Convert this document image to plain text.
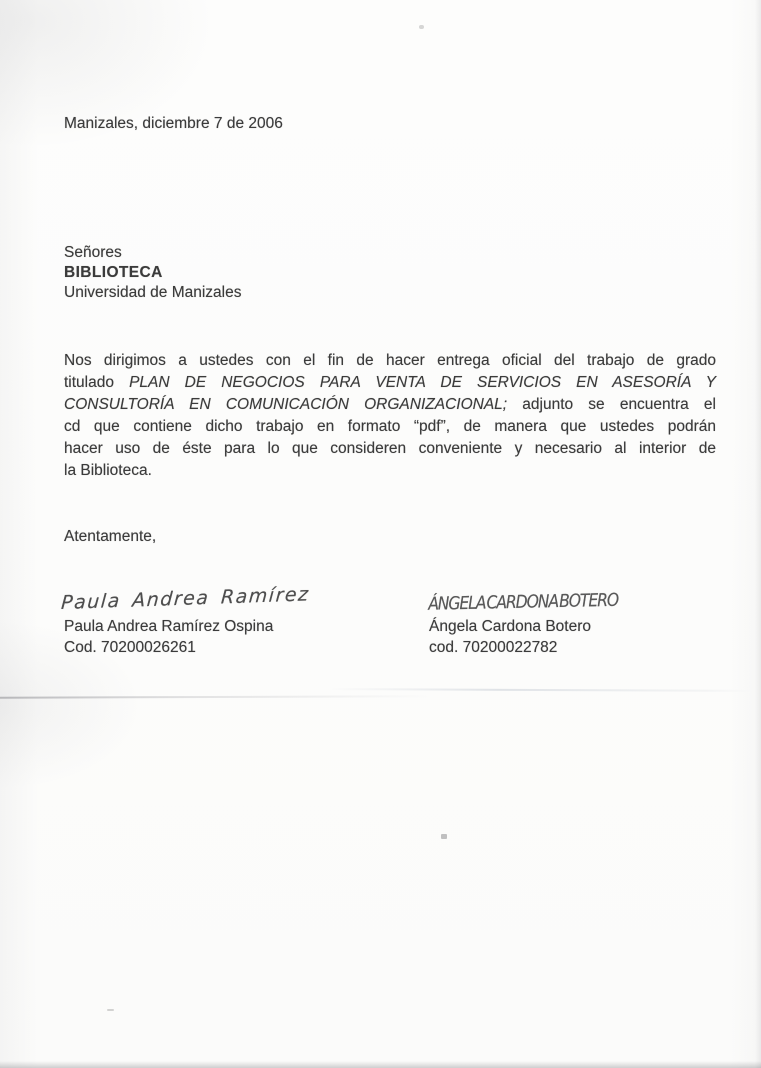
Manizales, diciembre 7 de 2006
Señores
BIBLIOTECA
Universidad de Manizales
Nos dirigimos a ustedes con el fin de hacer entrega oficial del trabajo de grado
titulado PLAN DE NEGOCIOS PARA VENTA DE SERVICIOS EN ASESORÍA Y
CONSULTORÍA EN COMUNICACIÓN ORGANIZACIONAL; adjunto se encuentra el
cd que contiene dicho trabajo en formato “pdf”, de manera que ustedes podrán
hacer uso de éste para lo que consideren conveniente y necesario al interior de
la Biblioteca.
Atentamente,
Paula Andrea Ramírez
Paula Andrea Ramírez Ospina
Cod. 70200026261
ÁNGELA CARDONA BOTERO
Ángela Cardona Botero
cod. 70200022782
